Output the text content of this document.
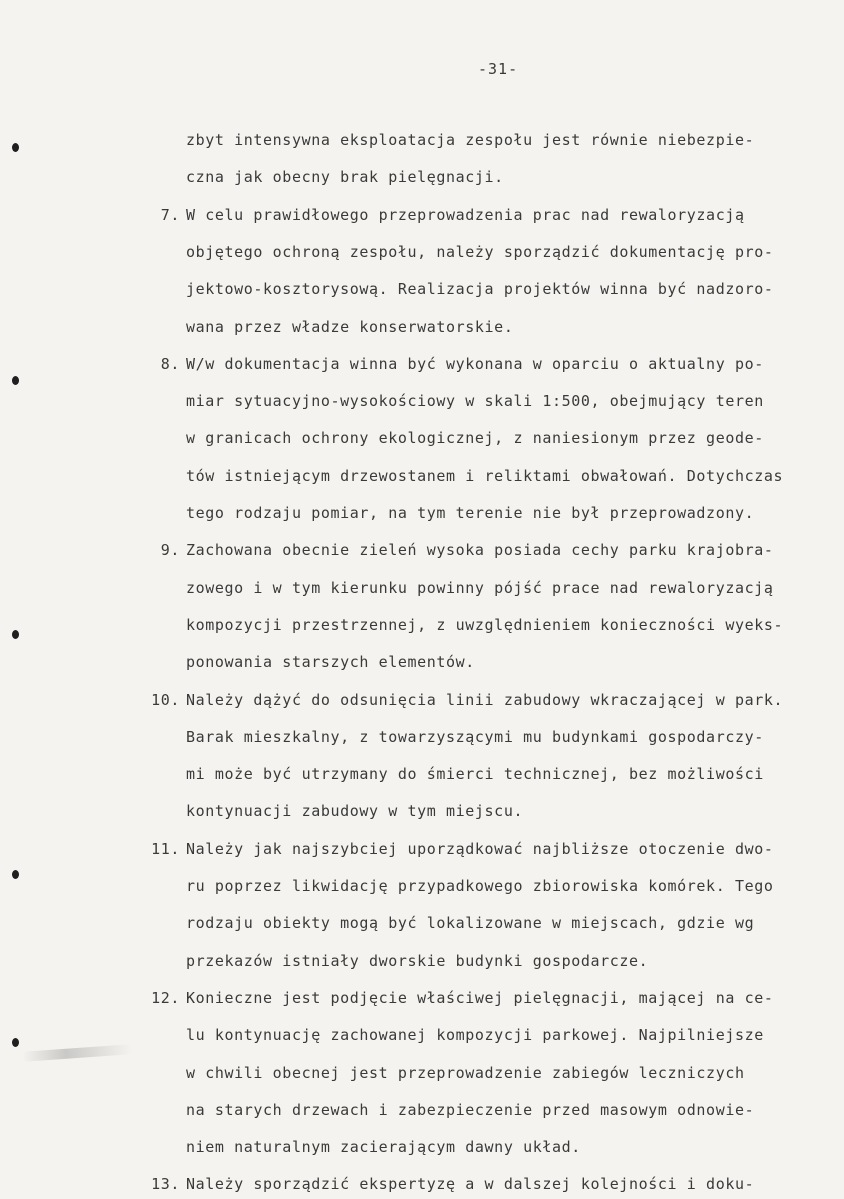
-31-
zbyt intensywna eksploatacja zespołu jest równie niebezpie-
czna jak obecny brak pielęgnacji.
7. W celu prawidłowego przeprowadzenia prac nad rewaloryzacją
objętego ochroną zespołu, należy sporządzić dokumentację pro-
jektowo-kosztorysową. Realizacja projektów winna być nadzoro-
wana przez władze konserwatorskie.
8. W/w dokumentacja winna być wykonana w oparciu o aktualny po-
miar sytuacyjno-wysokościowy w skali 1:500, obejmujący teren
w granicach ochrony ekologicznej, z naniesionym przez geode-
tów istniejącym drzewostanem i reliktami obwałowań. Dotychczas
tego rodzaju pomiar, na tym terenie nie był przeprowadzony.
9. Zachowana obecnie zieleń wysoka posiada cechy parku krajobra-
zowego i w tym kierunku powinny pójść prace nad rewaloryzacją
kompozycji przestrzennej, z uwzględnieniem konieczności wyeks-
ponowania starszych elementów.
10. Należy dążyć do odsunięcia linii zabudowy wkraczającej w park.
Barak mieszkalny, z towarzyszącymi mu budynkami gospodarczy-
mi może być utrzymany do śmierci technicznej, bez możliwości
kontynuacji zabudowy w tym miejscu.
11. Należy jak najszybciej uporządkować najbliższe otoczenie dwo-
ru poprzez likwidację przypadkowego zbiorowiska komórek. Tego
rodzaju obiekty mogą być lokalizowane w miejscach, gdzie wg
przekazów istniały dworskie budynki gospodarcze.
12. Konieczne jest podjęcie właściwej pielęgnacji, mającej na ce-
lu kontynuację zachowanej kompozycji parkowej. Najpilniejsze
w chwili obecnej jest przeprowadzenie zabiegów leczniczych
na starych drzewach i zabezpieczenie przed masowym odnowie-
niem naturalnym zacierającym dawny układ.
13. Należy sporządzić ekspertyzę a w dalszej kolejności i doku-
